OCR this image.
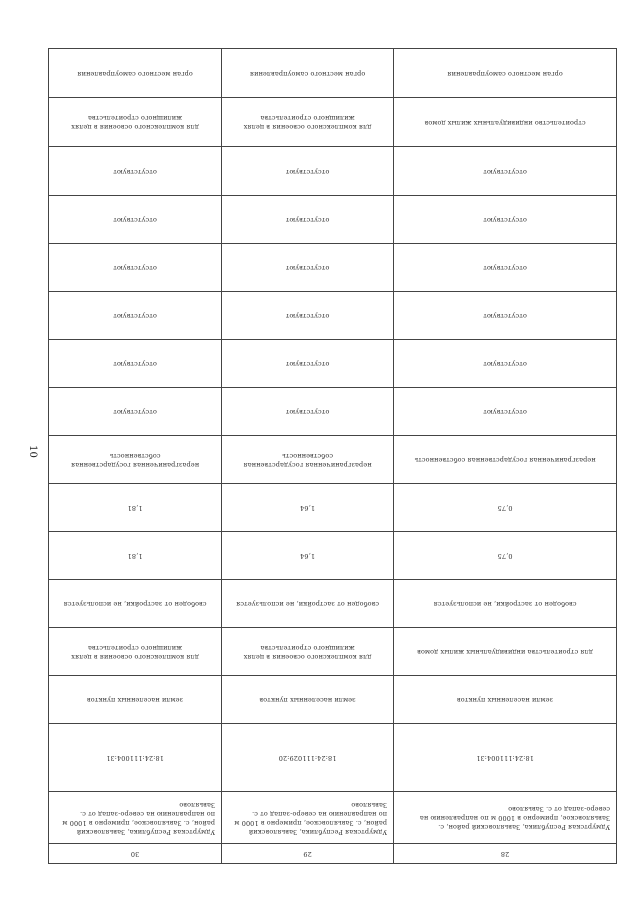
10
орган местного самоуправления	орган местного самоуправления	орган местного самоуправления

для комплексного освоения в целях жилищного строительства	для комплексного освоения в целях жилищного строительства	строительство индивидуальных жилых домов

отсутствуют	отсутствуют	отсутствуют

отсутствуют	отсутствуют	отсутствуют

отсутствуют	отсутствуют	отсутствуют

отсутствуют	отсутствуют	отсутствуют

отсутствуют	отсутствуют	отсутствуют

отсутствуют	отсутствуют	отсутствуют

неразграниченная государственная собственность	неразграниченная государственная собственность	неразграниченная государственная собственность

1,81	1,64	0,75

1,81	1,64	0,75

свободен от застройки, не используется	свободен от застройки, не используется	свободен от застройки, не используется

для комплексного освоения в целях жилищного строительства	для комплексного освоения в целях жилищного строительства	для строительства индивидуальных жилых домов

земли населенных пунктов	земли населенных пунктов	земли населенных пунктов

18:24:111004:31	18:24:111029:20	18:24:111004:31

Удмуртская Республика, Завьяловский район, с. Завьяловское, примерно в 1000 м по направлению на северо-запад от с. Завьялово	Удмуртская Республика, Завьяловский район, с. Завьяловское, примерно в 1000 м по направлению на северо-запад от с. Завьялово	Удмуртская Республика, Завьяловский район, с. Завьяловское, примерно в 1000 м по направлению на северо-запад от с. Завьялово

30	29	28
